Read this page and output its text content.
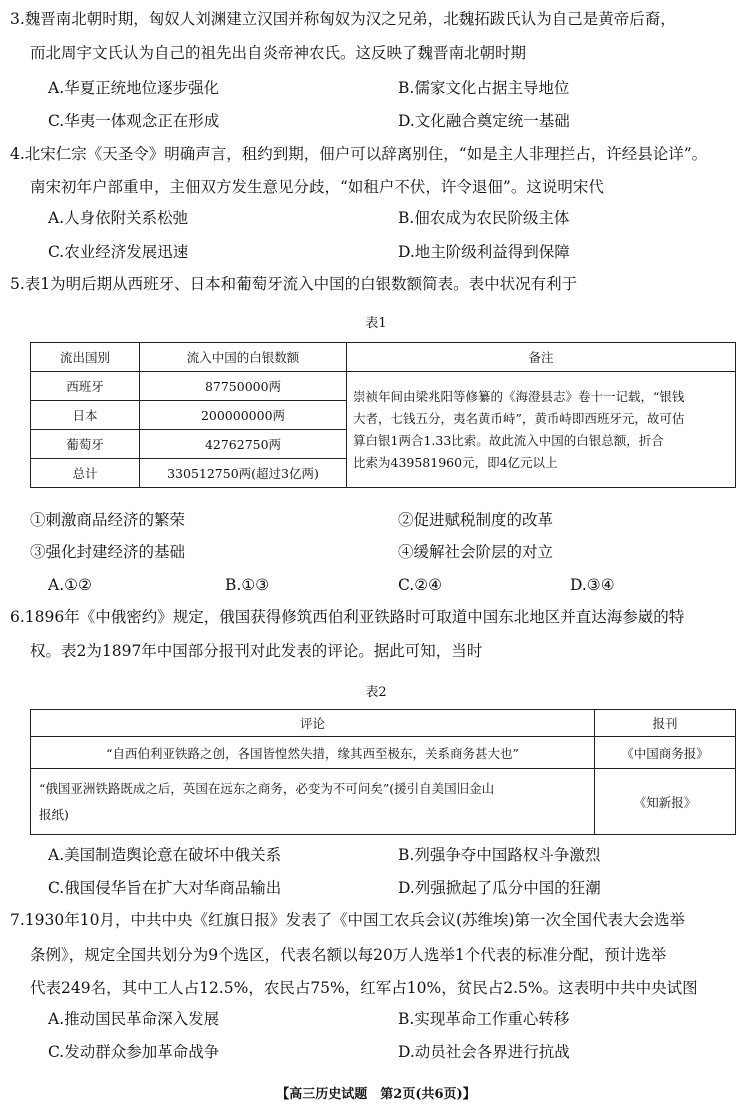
3.魏晋南北朝时期，匈奴人刘渊建立汉国并称匈奴为汉之兄弟，北魏拓跋氏认为自己是黄帝后裔，
而北周宇文氏认为自己的祖先出自炎帝神农氏。这反映了魏晋南北朝时期
A.华夏正统地位逐步强化	B.儒家文化占据主导地位
C.华夷一体观念正在形成	D.文化融合奠定统一基础
4.北宋仁宗《天圣令》明确声言，租约到期，佃户可以辞离别住，“如是主人非理拦占，许经县论详”。
南宋初年户部重申，主佃双方发生意见分歧，“如租户不伏，许令退佃”。这说明宋代
A.人身依附关系松弛	B.佃农成为农民阶级主体
C.农业经济发展迅速	D.地主阶级利益得到保障
5.表1为明后期从西班牙、日本和葡萄牙流入中国的白银数额简表。表中状况有利于
表1
流出国别	流入中国的白银数额	备注
西班牙	87750000两	崇祯年间由梁兆阳等修纂的《海澄县志》卷十一记载，“银钱
大者，七钱五分，夷名黄币峙”，黄币峙即西班牙元，故可估
算白银1两合1.33比索。故此流入中国的白银总额，折合
比索为439581960元，即4亿元以上

日本	200000000两	
葡萄牙	42762750两	
总计	330512750两(超过3亿两)	
①刺激商品经济的繁荣	②促进赋税制度的改革
③强化封建经济的基础	④缓解社会阶层的对立
A.①②	B.①③	C.②④	D.③④
6.1896年《中俄密约》规定，俄国获得修筑西伯利亚铁路时可取道中国东北地区并直达海参崴的特
权。表2为1897年中国部分报刊对此发表的评论。据此可知，当时
表2
评论	报刊
“自西伯利亚铁路之创，各国皆惶然失措，缘其西至极东，关系商务甚大也”	《中国商务报》

“俄国亚洲铁路既成之后，英国在远东之商务，必变为不可问矣”(援引自美国旧金山
报纸)	《知新报》
A.美国制造舆论意在破坏中俄关系	B.列强争夺中国路权斗争激烈
C.俄国侵华旨在扩大对华商品输出	D.列强掀起了瓜分中国的狂潮
7.1930年10月，中共中央《红旗日报》发表了《中国工农兵会议(苏维埃)第一次全国代表大会选举
条例》，规定全国共划分为9个选区，代表名额以每20万人选举1个代表的标准分配，预计选举
代表249名，其中工人占12.5%，农民占75%，红军占10%，贫民占2.5%。这表明中共中央试图
A.推动国民革命深入发展	B.实现革命工作重心转移
C.发动群众参加革命战争	D.动员社会各界进行抗战
【高三历史试题　第2页(共6页)】
